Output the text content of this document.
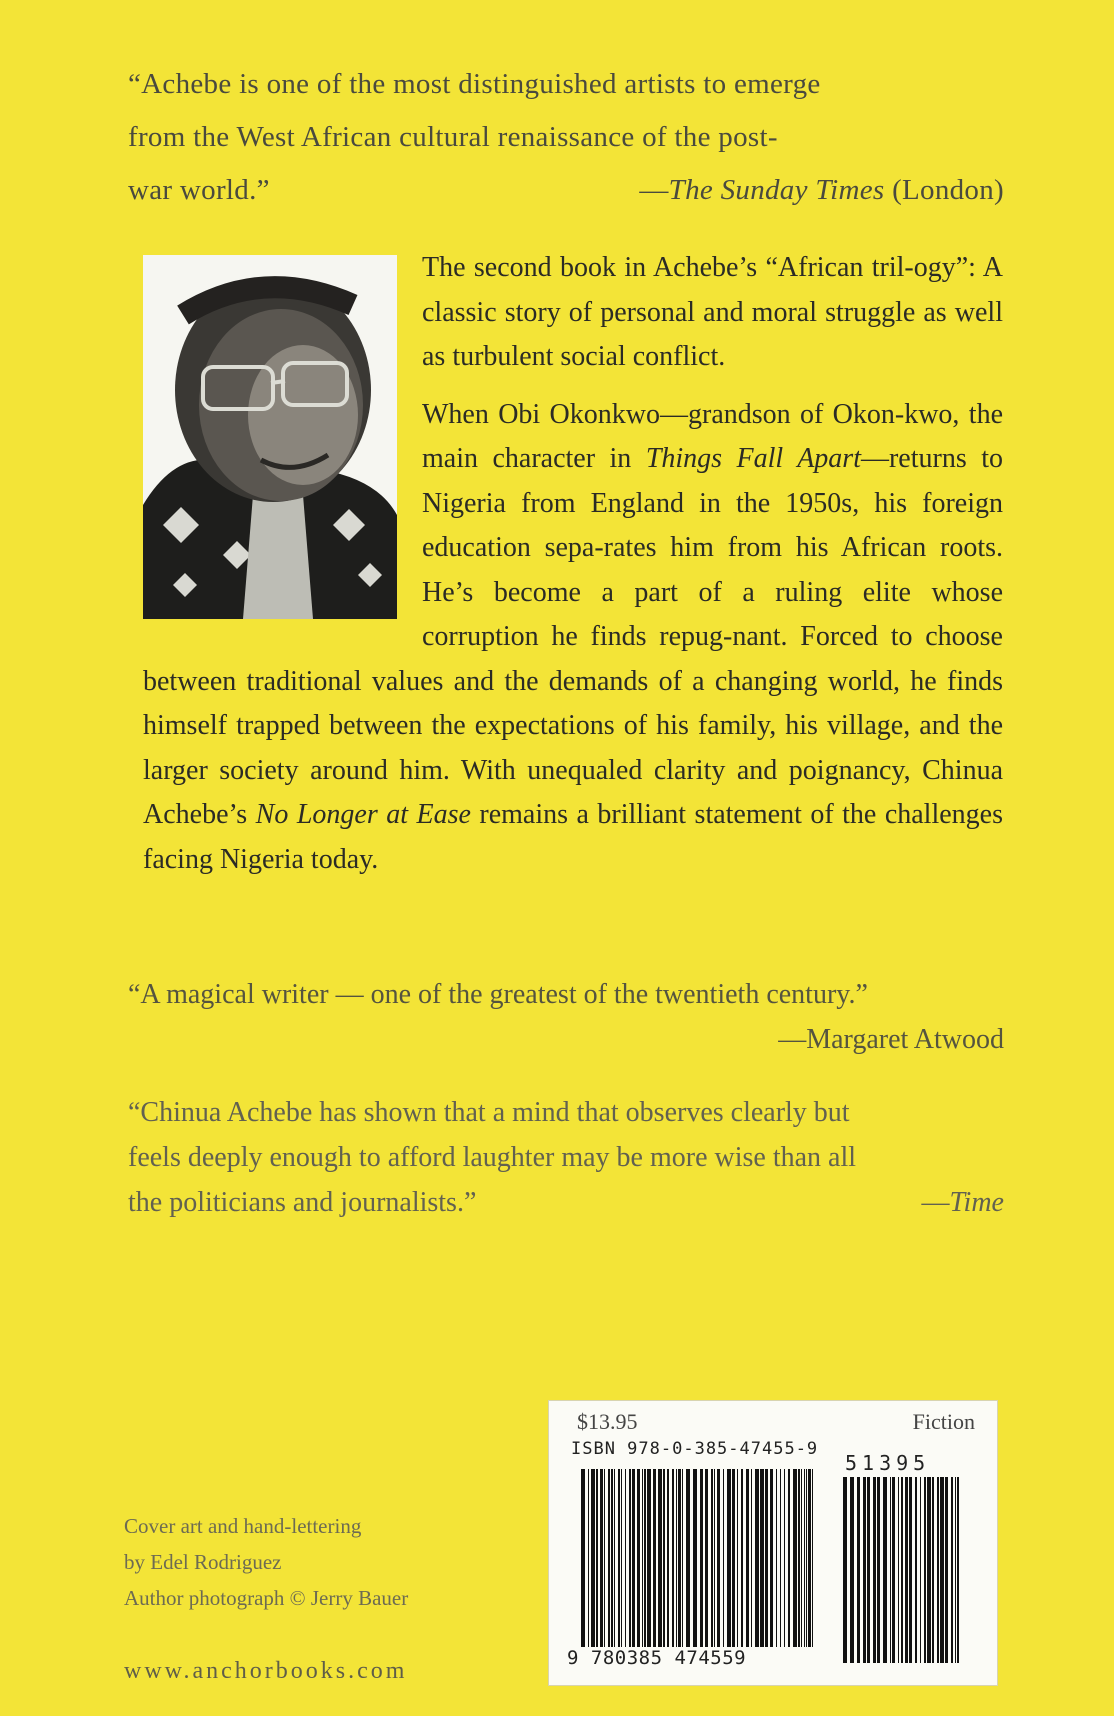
“Achebe is one of the most distinguished artists to emerge
from the West African cultural renaissance of the post-
war world.”	—The Sunday Times (London)

The second book in Achebe’s “African tril-ogy”: A classic story of personal and moral struggle as well as turbulent social conflict.

When Obi Okonkwo—grandson of Okon-kwo, the main character in Things Fall Apart—returns to Nigeria from England in the 1950s, his foreign education sepa-rates him from his African roots. He’s become a part of a ruling elite whose corruption he finds repug-nant. Forced to choose between traditional values and the demands of a changing world, he finds himself trapped between the expectations of his family, his village, and the larger society around him. With unequaled clarity and poignancy, Chinua Achebe’s No Longer at Ease remains a brilliant statement of the challenges facing Nigeria today.

“A magical writer — one of the greatest of the twentieth century.”
—Margaret Atwood
“Chinua Achebe has shown that a mind that observes clearly but
feels deeply enough to afford laughter may be more wise than all
the politicians and journalists.”	—Time
Cover art and hand-lettering
by Edel Rodriguez
Author photograph © Jerry Bauer
www.anchorbooks.com
$13.95	Fiction
ISBN 978-0-385-47455-9
51395
9 780385 474559
